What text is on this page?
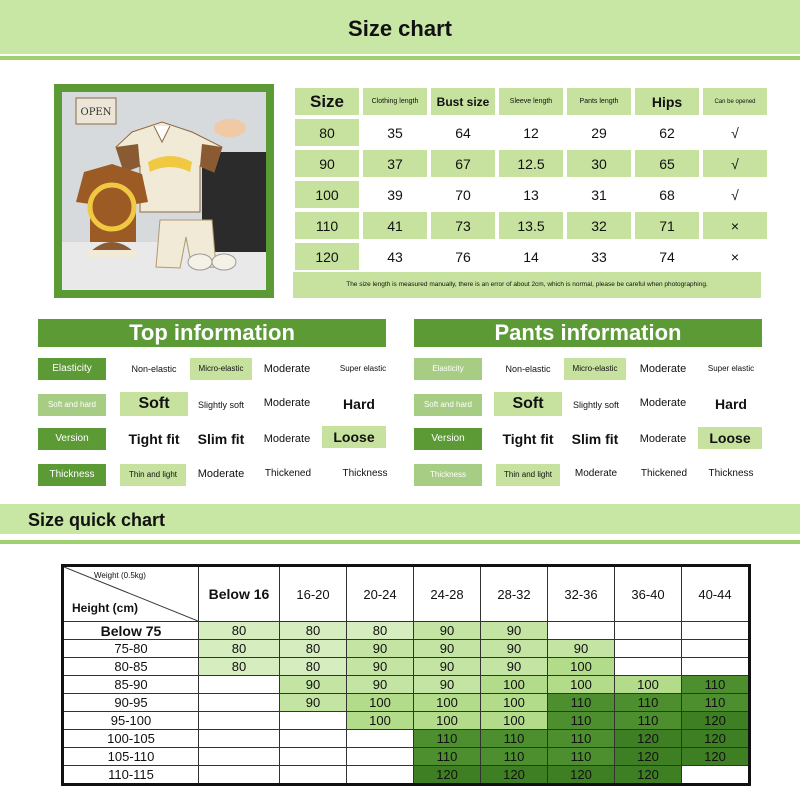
Size chart
OPEN
Size	Clothing length	Bust size	Sleeve length	Pants length	Hips	Can be opened
80	35	64	12	29	62	√
90	37	67	12.5	30	65	√
100	39	70	13	31	68	√
110	41	73	13.5	32	71	×
120	43	76	14	33	74	×
The size length is measured manually, there is an error of about 2cm, which is normal, please be careful when photographing.
Top information
Elasticity	Non-elastic	Micro-elastic	Moderate	Super elastic
Soft and hard	Soft	Slightly soft	Moderate	Hard
Version	Tight fit	Slim fit	Moderate	Loose
Thickness	Thin and light	Moderate	Thickened	Thickness
Pants information
Elasticity	Non-elastic	Micro-elastic	Moderate	Super elastic
Soft and hard	Soft	Slightly soft	Moderate	Hard
Version	Tight fit	Slim fit	Moderate	Loose
Thickness	Thin and light	Moderate	Thickened	Thickness
Size quick chart
Weight (0.5kg)
Height (cm)	Below 16	16-20	20-24	24-28	28-32	32-36	36-40	40-44
Below 75	80	80	80	90	90			
75-80	80	80	90	90	90	90		
80-85	80	80	90	90	90	100		
85-90		90	90	90	100	100	100	110
90-95		90	100	100	100	110	110	110
95-100			100	100	100	110	110	120
100-105				110	110	110	120	120
105-110				110	110	110	120	120
110-115				120	120	120	120	
